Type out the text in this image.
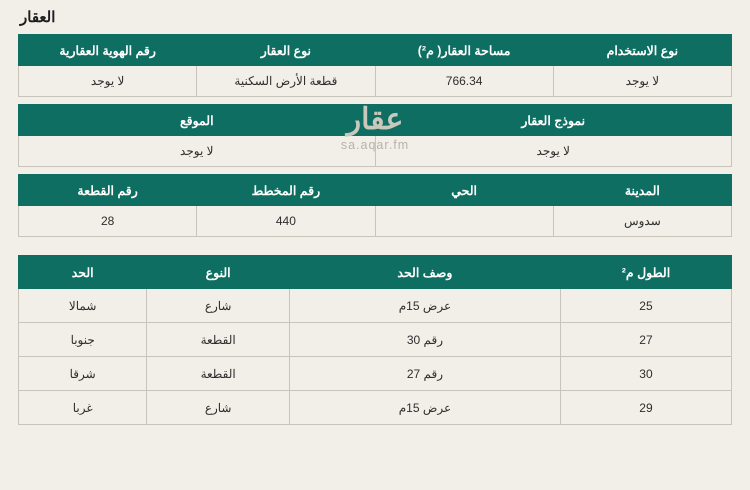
العقار
عقار
sa.aqar.fm
نوع الاستخدام	مساحة العقار( م²)	نوع العقار	رقم الهوية العقارية
لا يوجد	766.34	قطعة الأرض السكنية	لا يوجد

نموذج العقار		الموقع	
لا يوجد		لا يوجد	

المدينة	الحي	رقم المخطط	رقم القطعة
سدوس		440	28
الطول م²	وصف الحد	النوع	الحد
25	عرض 15م	شارع	شمالا
27	رقم 30	القطعة	جنوبا
30	رقم 27	القطعة	شرقا
29	عرض 15م	شارع	غربا
